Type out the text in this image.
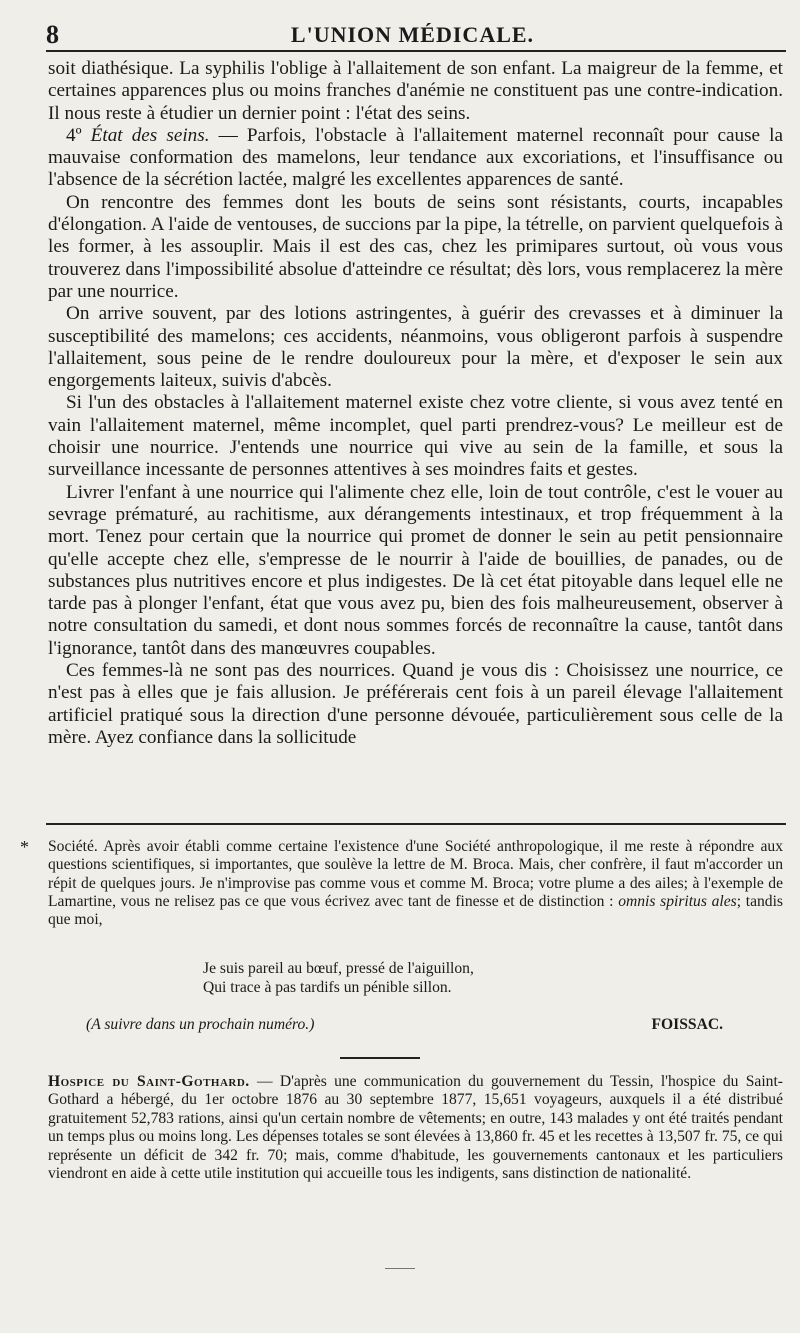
8	L'UNION MÉDICALE.

soit diathésique. La syphilis l'oblige à l'allaitement de son enfant. La maigreur de la femme, et certaines apparences plus ou moins franches d'anémie ne constituent pas une contre-indication. Il nous reste à étudier un dernier point : l'état des seins.

4º État des seins. — Parfois, l'obstacle à l'allaitement maternel reconnaît pour cause la mauvaise conformation des mamelons, leur tendance aux excoriations, et l'insuffisance ou l'absence de la sécrétion lactée, malgré les excellentes apparences de santé.

On rencontre des femmes dont les bouts de seins sont résistants, courts, incapables d'élongation. A l'aide de ventouses, de succions par la pipe, la tétrelle, on parvient quelquefois à les former, à les assouplir. Mais il est des cas, chez les primipares surtout, où vous vous trouverez dans l'impossibilité absolue d'atteindre ce résultat; dès lors, vous remplacerez la mère par une nourrice.

On arrive souvent, par des lotions astringentes, à guérir des crevasses et à diminuer la susceptibilité des mamelons; ces accidents, néanmoins, vous obligeront parfois à suspendre l'allaitement, sous peine de le rendre douloureux pour la mère, et d'exposer le sein aux engorgements laiteux, suivis d'abcès.

Si l'un des obstacles à l'allaitement maternel existe chez votre cliente, si vous avez tenté en vain l'allaitement maternel, même incomplet, quel parti prendrez-vous? Le meilleur est de choisir une nourrice. J'entends une nourrice qui vive au sein de la famille, et sous la surveillance incessante de personnes attentives à ses moindres faits et gestes.

Livrer l'enfant à une nourrice qui l'alimente chez elle, loin de tout contrôle, c'est le vouer au sevrage prématuré, au rachitisme, aux dérangements intestinaux, et trop fréquemment à la mort. Tenez pour certain que la nourrice qui promet de donner le sein au petit pensionnaire qu'elle accepte chez elle, s'empresse de le nourrir à l'aide de bouillies, de panades, ou de substances plus nutritives encore et plus indigestes. De là cet état pitoyable dans lequel elle ne tarde pas à plonger l'enfant, état que vous avez pu, bien des fois malheureusement, observer à notre consultation du samedi, et dont nous sommes forcés de reconnaître la cause, tantôt dans l'ignorance, tantôt dans des manœuvres coupables.

Ces femmes-là ne sont pas des nourrices. Quand je vous dis : Choisissez une nourrice, ce n'est pas à elles que je fais allusion. Je préférerais cent fois à un pareil élevage l'allaitement artificiel pratiqué sous la direction d'une personne dévouée, particulièrement sous celle de la mère. Ayez confiance dans la sollicitude

* Société. Après avoir établi comme certaine l'existence d'une Société anthropologique, il me reste à répondre aux questions scientifiques, si importantes, que soulève la lettre de M. Broca. Mais, cher confrère, il faut m'accorder un répit de quelques jours. Je n'improvise pas comme vous et comme M. Broca; votre plume a des ailes; à l'exemple de Lamartine, vous ne relisez pas ce que vous écrivez avec tant de finesse et de distinction : omnis spiritus ales; tandis que moi,
Je suis pareil au bœuf, pressé de l'aiguillon,
Qui trace à pas tardifs un pénible sillon.
(A suivre dans un prochain numéro.)	FOISSAC.
Hospice du Saint-Gothard. — D'après une communication du gouvernement du Tessin, l'hospice du Saint-Gothard a hébergé, du 1er octobre 1876 au 30 septembre 1877, 15,651 voyageurs, auxquels il a été distribué gratuitement 52,783 rations, ainsi qu'un certain nombre de vêtements; en outre, 143 malades y ont été traités pendant un temps plus ou moins long. Les dépenses totales se sont élevées à 13,860 fr. 45 et les recettes à 13,507 fr. 75, ce qui représente un déficit de 342 fr. 70; mais, comme d'habitude, les gouvernements cantonaux et les particuliers viendront en aide à cette utile institution qui accueille tous les indigents, sans distinction de nationalité.
